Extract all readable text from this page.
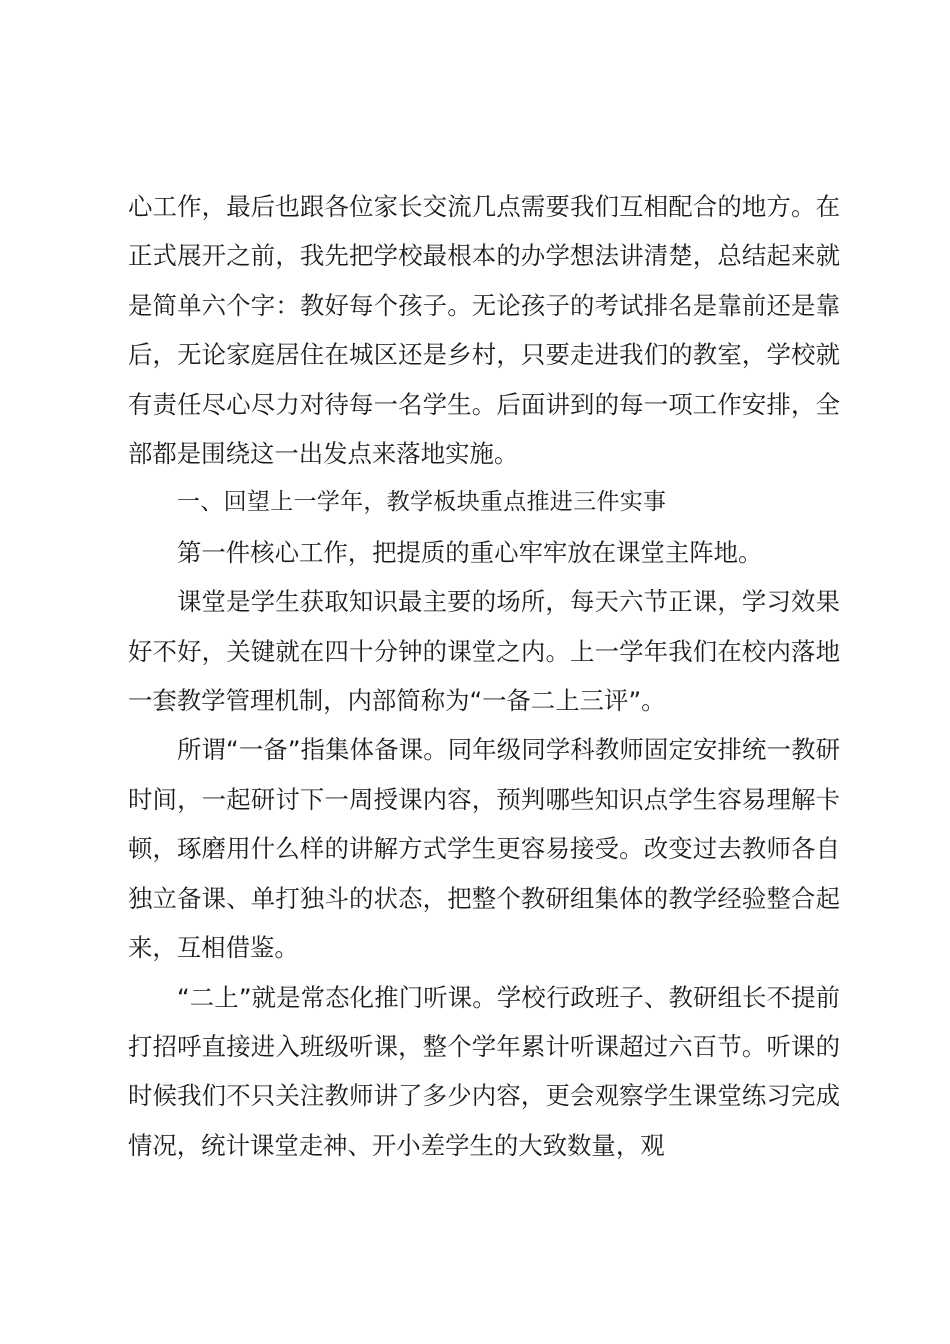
心工作，最后也跟各位家长交流几点需要我们互相配合的地方。在正式展开之前，我先把学校最根本的办学想法讲清楚，总结起来就是简单六个字：教好每个孩子。无论孩子的考试排名是靠前还是靠后，无论家庭居住在城区还是乡村，只要走进我们的教室，学校就有责任尽心尽力对待每一名学生。后面讲到的每一项工作安排，全部都是围绕这一出发点来落地实施。

一、回望上一学年，教学板块重点推进三件实事

第一件核心工作，把提质的重心牢牢放在课堂主阵地。

课堂是学生获取知识最主要的场所，每天六节正课，学习效果好不好，关键就在四十分钟的课堂之内。上一学年我们在校内落地一套教学管理机制，内部简称为“一备二上三评”。

所谓“一备”指集体备课。同年级同学科教师固定安排统一教研时间，一起研讨下一周授课内容，预判哪些知识点学生容易理解卡顿，琢磨用什么样的讲解方式学生更容易接受。改变过去教师各自独立备课、单打独斗的状态，把整个教研组集体的教学经验整合起来，互相借鉴。

“二上”就是常态化推门听课。学校行政班子、教研组长不提前打招呼直接进入班级听课，整个学年累计听课超过六百节。听课的时候我们不只关注教师讲了多少内容，更会观察学生课堂练习完成情况，统计课堂走神、开小差学生的大致数量，观
